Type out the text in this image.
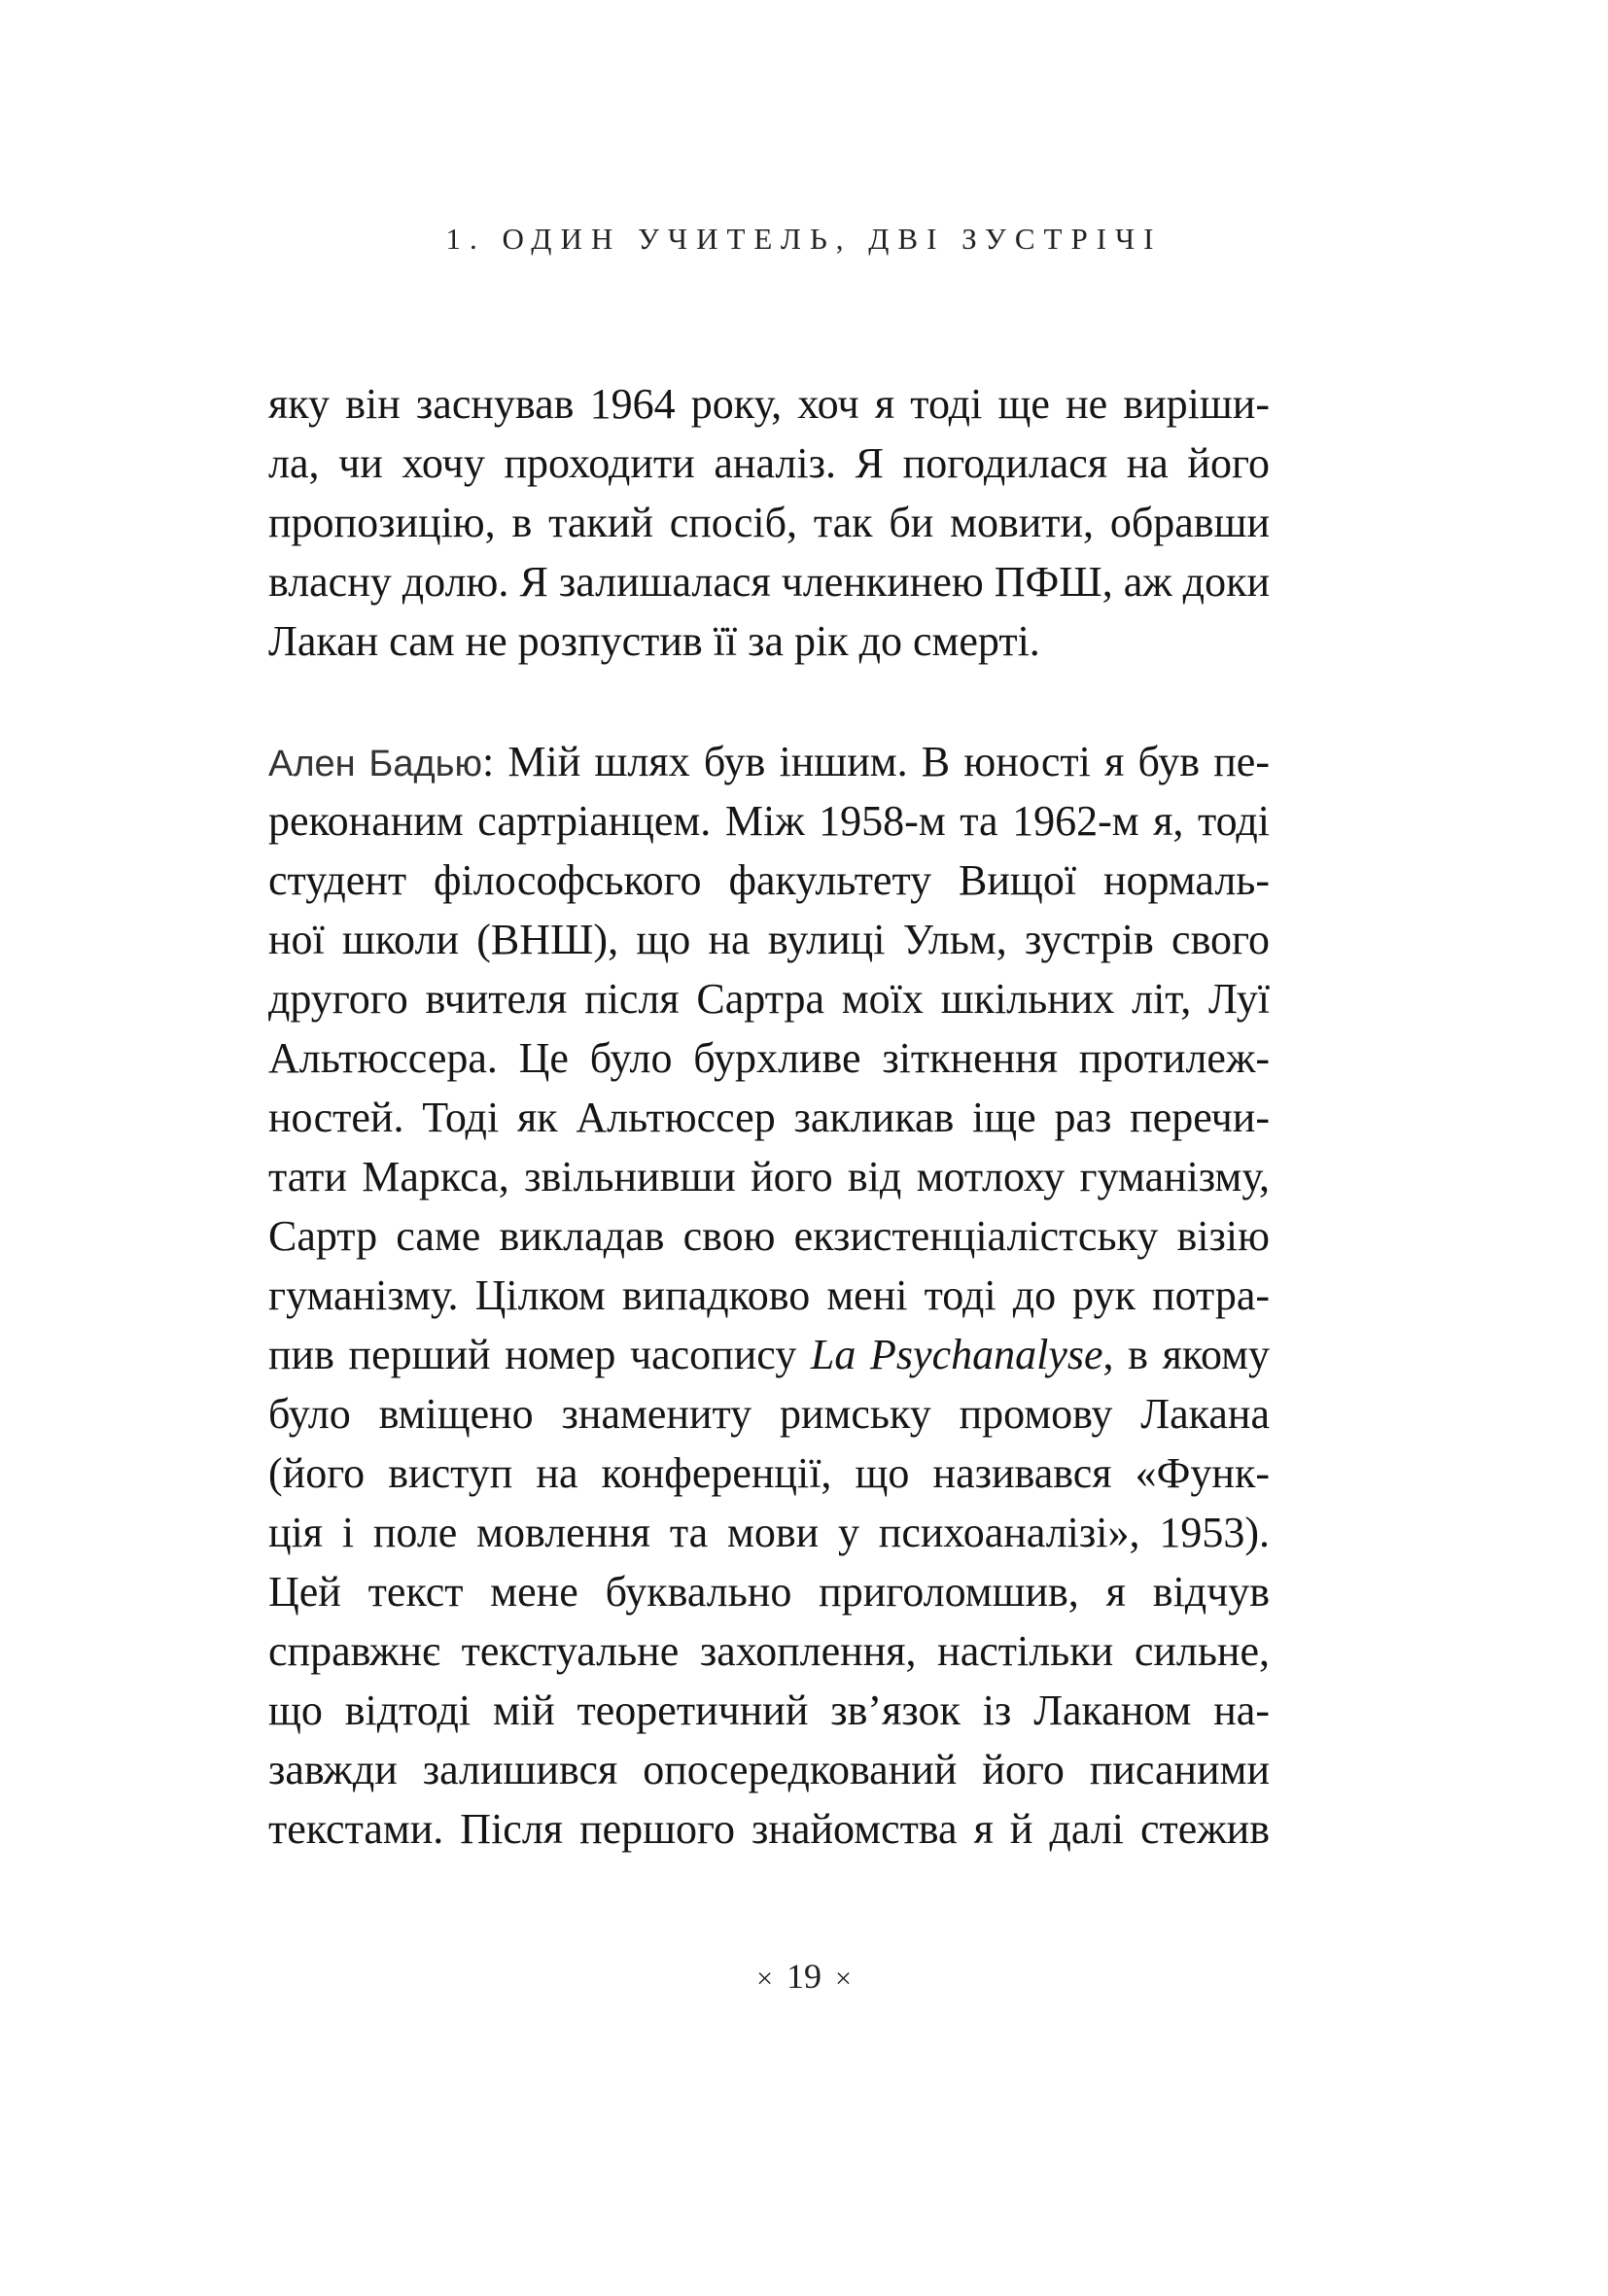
1. ОДИН УЧИТЕЛЬ, ДВІ ЗУСТРІЧІ
яку він заснував 1964 року, хоч я тоді ще не виріши-
ла, чи хочу проходити аналіз. Я погодилася на його
пропозицію, в такий спосіб, так би мовити, обравши
власну долю. Я залишалася членкинею ПФШ, аж доки
Лакан сам не розпустив її за рік до смерті.
Ален Бадью: Мій шлях був іншим. В юності я був пе-
реконаним сартріанцем. Між 1958-м та 1962-м я, тоді
студент філософського факультету Вищої нормаль-
ної школи (ВНШ), що на вулиці Ульм, зустрів свого
другого вчителя після Сартра моїх шкільних літ, Луї
Альтюссера. Це було бурхливе зіткнення протилеж-
ностей. Тоді як Альтюссер закликав іще раз перечи-
тати Маркса, звільнивши його від мотлоху гуманізму,
Сартр саме викладав свою екзистенціалістську візію
гуманізму. Цілком випадково мені тоді до рук потра-
пив перший номер часопису La Psychanalyse, в якому
було вміщено знамениту римську промову Лакана
(його виступ на конференції, що називався «Функ-
ція і поле мовлення та мови у психоаналізі», 1953).
Цей текст мене буквально приголомшив, я відчув
справжнє текстуальне захоплення, настільки сильне,
що відтоді мій теоретичний зв’язок із Лаканом на-
завжди залишився опосередкований його писаними
текстами. Після першого знайомства я й далі стежив
× 19 ×
